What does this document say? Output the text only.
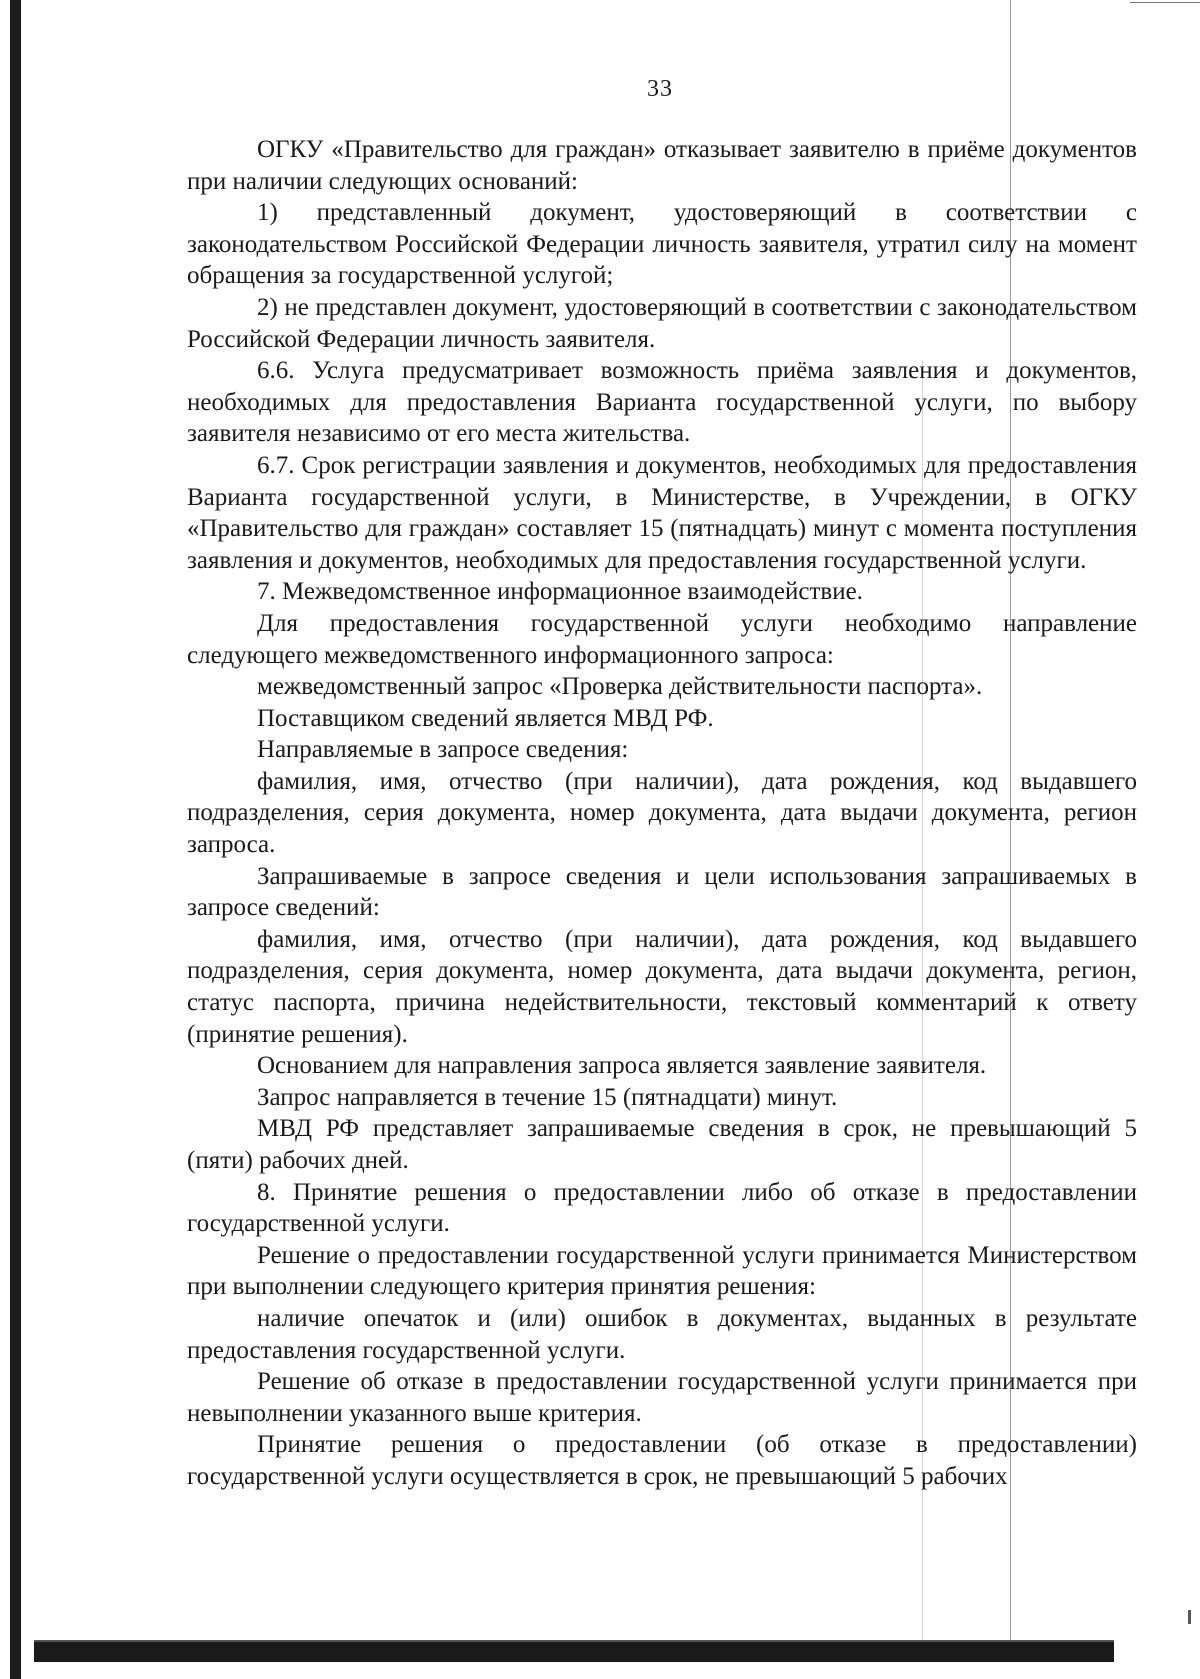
33

ОГКУ «Правительство для граждан» отказывает заявителю в приёме документов при наличии следующих оснований:

1) представленный документ, удостоверяющий в соответствии с законодательством Российской Федерации личность заявителя, утратил силу на момент обращения за государственной услугой;

2) не представлен документ, удостоверяющий в соответствии с законодательством Российской Федерации личность заявителя.

6.6. Услуга предусматривает возможность приёма заявления и документов, необходимых для предоставления Варианта государственной услуги, по выбору заявителя независимо от его места жительства.

6.7. Срок регистрации заявления и документов, необходимых для предоставления Варианта государственной услуги, в Министерстве, в Учреждении, в ОГКУ «Правительство для граждан» составляет 15 (пятнадцать) минут с момента поступления заявления и документов, необходимых для предоставления государственной услуги.

7. Межведомственное информационное взаимодействие.

Для предоставления государственной услуги необходимо направление следующего межведомственного информационного запроса:

межведомственный запрос «Проверка действительности паспорта».

Поставщиком сведений является МВД РФ.

Направляемые в запросе сведения:

фамилия, имя, отчество (при наличии), дата рождения, код выдавшего подразделения, серия документа, номер документа, дата выдачи документа, регион запроса.

Запрашиваемые в запросе сведения и цели использования запрашиваемых в запросе сведений:

фамилия, имя, отчество (при наличии), дата рождения, код выдавшего подразделения, серия документа, номер документа, дата выдачи документа, регион, статус паспорта, причина недействительности, текстовый комментарий к ответу (принятие решения).

Основанием для направления запроса является заявление заявителя.

Запрос направляется в течение 15 (пятнадцати) минут.

МВД РФ представляет запрашиваемые сведения в срок, не превышающий 5 (пяти) рабочих дней.

8. Принятие решения о предоставлении либо об отказе в предоставлении государственной услуги.

Решение о предоставлении государственной услуги принимается Министерством при выполнении следующего критерия принятия решения:

наличие опечаток и (или) ошибок в документах, выданных в результате предоставления государственной услуги.

Решение об отказе в предоставлении государственной услуги принимается при невыполнении указанного выше критерия.

Принятие решения о предоставлении (об отказе в предоставлении) государственной услуги осуществляется в срок, не превышающий 5 рабочих
